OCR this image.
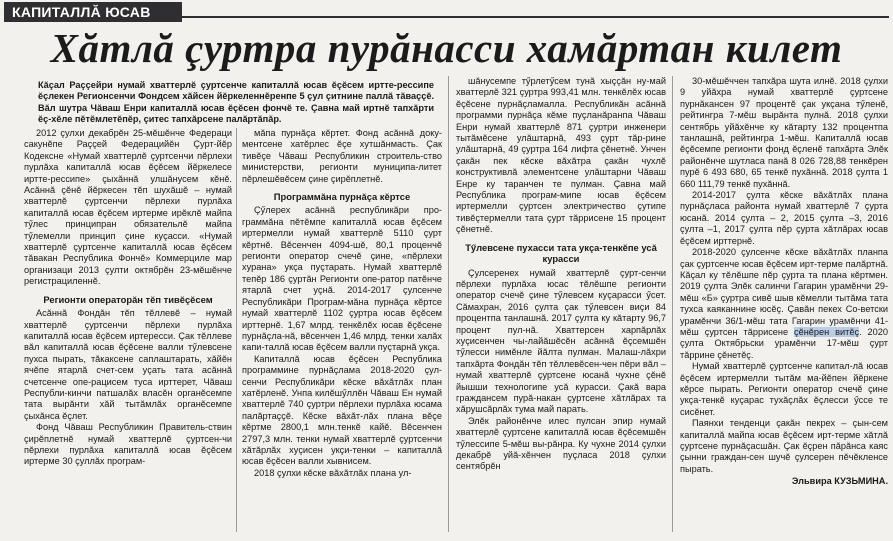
КАПИТАЛЛĂ ЮСАВ
Хăтлă çуртра пурăнасси хамăртан килет
Кăçал Раççейри нумай хваттерлĕ çуртсенче капиталлă юсав ĕçĕсем иртте-рессипе ĕçлекен Регионсенчи Фондсем хăйсен йĕркеленнĕренпе 5 çул çитнине паллă тăваççĕ. Вăл шутра Чăваш Енри капиталлă юсав ĕçĕсен фончĕ те. Çавна май иртнĕ тапхăрти ĕç-хĕле пĕтĕмлетĕпĕр, çитес тапхăрсене палăртăпăр.

2012 çулхи декабрĕн 25-мĕшĕнче Федераци сакунĕпе Раççей Федерацийĕн Çурт-йĕр Кодексне «Нумай хваттерлĕ çуртсенчи пĕрлехи пурлăха капиталлă юсав ĕçĕсем йĕркелесе иртте-рессипе» çыхăннă улшăнусем кĕнĕ. Асăннă çĕнĕ йĕркесен тĕп шухăшĕ – нумай хваттерлĕ çуртсенчи пĕрлехи пурлăха капиталлă юсав ĕçĕсем иртерме ирĕклĕ майпа тӳлес принципран обязательлĕ майпа тӳлемелли принцип çине куçасси. «Нумай хваттерлĕ çуртсенче капиталлă юсав ĕçĕсем тăвакан Республика Фончĕ» Коммерциле мар организаци 2013 çулти октябрĕн 23-мĕшĕнче регистрациленнĕ.

Регионти операторăн тĕп тивĕçĕсем

Асăннă Фондăн тĕп тĕллевĕ – нумай хваттерлĕ çуртсенчи пĕрлехи пурлăха капиталлă юсав ĕçĕсем иртересси. Çак тĕллеве вăл капиталлă юсав ĕçĕсене валли тӳлевсене пухса пырать, тăкаксене саплаштарать, хăйĕн ячĕпе ятарлă счет-сем уçать тата асăннă счетсенче опе-рацисем туса ирттерет, Чăваш Республи-кинчи патшалăх власĕн органĕсемпе тата вырăнти хăй тытăмлăх органĕсемпе çыхăнса ĕçлет.

Фонд Чăваш Республикин Правитель-ствин çирĕплетнĕ нумай хваттерлĕ çуртсен-чи пĕрлехи пурлăха капиталлă юсав ĕçĕсем иртерме 30 çуллăх програм-

мăпа пурнăça кĕртет. Фонд асăннă доку-ментсене хатĕрлес ĕçе хутшăнмасть. Çак тивĕçе Чăваш Республикин строитель-ство министерстви, регионти муниципа-литет пĕрлешĕвĕсем çине çирĕплетнĕ.

Программăна пурнăça кĕртсе

Çӳлерех асăннă республикăри про-граммăна пĕтĕмпе капиталлă юсав ĕçĕсем иртермелли нумай хваттерлĕ 5110 çурт кĕртнĕ. Вĕсенчен 4094-шĕ, 80,1 проценчĕ регионти оператор счечĕ çине, «пĕрлехи хурана» укçа пуçтарать. Нумай хваттерлĕ тепĕр 186 çуртăн Регионти опе-ратор патĕнче ятарлă счет уçнă. 2014-2017 çулсенче Республикăри Програм-мăна пурнăça кĕртсе нумай хваттерлĕ 1102 çуртра юсав ĕçĕсем ирттернĕ. 1,67 млрд. тенкĕлĕх юсав ĕçĕсене пурнăçла-нă, вĕсенчен 1,46 млрд. тенки халăх капи-таллă юсав ĕçĕсем валли пуçтарнă укçа.

Капиталлă юсав ĕçĕсен Республика программине пурнăçлама 2018-2020 çул-сенчи Республикăри кĕске вăхăтлăх план хатĕрленĕ. Унпа килĕшӳллĕн Чăваш Ен нумай хваттерлĕ 740 çуртри пĕрлехи пурлăха юсама палăртаççĕ. Кĕске вăхăт-лăх плана вĕçе кĕртме 2800,1 млн.тенкĕ кайĕ. Вĕсенчен 2797,3 млн. тенки нумай хваттерлĕ çуртсенчи хăтăрлăх хуçисен укçи-тенки – капиталлă юсав ĕçĕсен валли хывнисем.

2018 çулхи кĕске вăхăтлăх плана ул-

шăнусемпе тӳрлетӳсем тунă хыççăн ну-май хваттерлĕ 321 çуртра 993,41 млн. тенкĕлĕх юсав ĕçĕсене пурнăçламалла. Республикăн асăннă программи пурнăça кĕме пуçланăранпа Чăваш Енри нумай хваттерлĕ 871 çуртри инженери тытăмĕсене улăштарнă, 493 çурт тăр-рине улăштарнă, 49 çуртра 164 лифта çĕнетнĕ. Унчен çакăн пек кĕске вăхăтра çакăн чухлĕ конструктивлă элементсене улăштарни Чăваш Енре ку таранчен те пулман. Çавна май Республика програм-мипе юсав ĕçĕсем иртермелли çуртсен электричество çутипе тивĕçтермелли тата çурт тăррисене 15 процент çĕнетнĕ.

Тӳлевсене пухасси тата укçа-тенкĕпе усă курасси

Çулсеренех нумай хваттерлĕ çурт-сенчи пĕрлехи пурлăха юсас тĕлĕшпе регионти оператор счечĕ çине тӳлевсем куçарасси ӳсет. Сăмахран, 2016 çулта çак тӳлевсен виçи 84 процентпа танлашнă. 2017 çулта ку кăтарту 96,7 процент пул-нă. Хваттерсен харпăрлăх хуçисенчен чы-лайăшĕсĕн асăннă ĕçсемшĕн тӳлесси нимĕнле йăлта пулман. Малаш-лăхри тапхăрта Фондăн тĕп тĕллевĕсен-чен пĕри вăл – нумай хваттерлĕ çуртсене юсанă чухне çĕнĕ йышши технологипе усă курасси. Çакă вара граждансем пурă-накан çуртсене хăтлăрах та хăрушсăрлăх тума май парать.

Элĕк районĕнче илес пулсан эпир нумай хваттерлĕ çуртсене капиталлă юсав ĕçĕсемшĕн тӳлессипе 5-мĕш вы-рăнра. Ку чухне 2014 çулхи декабрĕ уйă-хĕнчен пуçласа 2018 çулхи сентябрĕн

30-мĕшĕччен тапхăра шута илнĕ. 2018 çулхи 9 уйăхра нумай хваттерлĕ çуртсене пурнăкансен 97 процентĕ çак укçана тӳленĕ, рейтингра 7-мĕш вырăнта пулнă. 2018 çулхи сентябрь уйăхĕнче ку кăтарту 132 процентпа танлашнă, рейтингра 1-мĕш. Капиталлă юсав ĕçĕсемпе регионти фонд ĕçленĕ тапхăрта Элĕк районĕнче шутласа панă 8 026 728,88 тенкĕрен пурĕ 6 493 680, 65 тенкĕ пухăннă. 2018 çулта 1 660 111,79 тенкĕ пухăннă.

2014-2017 çулта кĕске вăхăтлăх плана пурнăçласа районта нумай хваттерлĕ 7 çурта юсанă. 2014 çулта – 2, 2015 çулта –3, 2016 çулта –1, 2017 çулта пĕр çурта хăтлăрах юсав ĕçĕсем ирттернĕ.

2018-2020 çулсенче кĕске вăхăтлăх планпа çак çуртсенче юсав ĕçĕсем ирт-терме палăртнă. Кăçал ку тĕлĕшпе пĕр çурта та плана кĕртмен. 2019 çулта Элĕк салинчи Гагарин урамĕнчи 29-мĕш «Б» çуртра сивĕ шыв кĕмелли тытăма тата тухса каяканнине юсĕç. Çавăн пекех Со-ветски урамĕнчи 36/1-мĕш тата Гагарин урамĕнчи 41-мĕш çуртсен тăррисене çĕнĕрен витĕç. 2020 çулта Октябрьски урамĕнчи 17-мĕш çурт тăррине çĕнетĕç.

Нумай хваттерлĕ çуртсенче капитал-лă юсав ĕçĕсем иртермелли тытăм ма-йĕпен йĕркене кĕрсе пырать. Регионти оператор счечĕ çине укçа-тенкĕ куçарас тухăçлăх ĕçлесси ӳссе те сисĕнет.

Паянхи тенденци çакăн пекрех – çын-сем капиталлă майпа юсав ĕçĕсем ирт-терме хăтлă çуртсене пурнăçасшăн. Çак ĕçрен пăрăнса каяс çынни граждан-сен шучĕ çулсерен пĕчĕкленсе пырать.

Эльвира КУЗЬМИНА.
